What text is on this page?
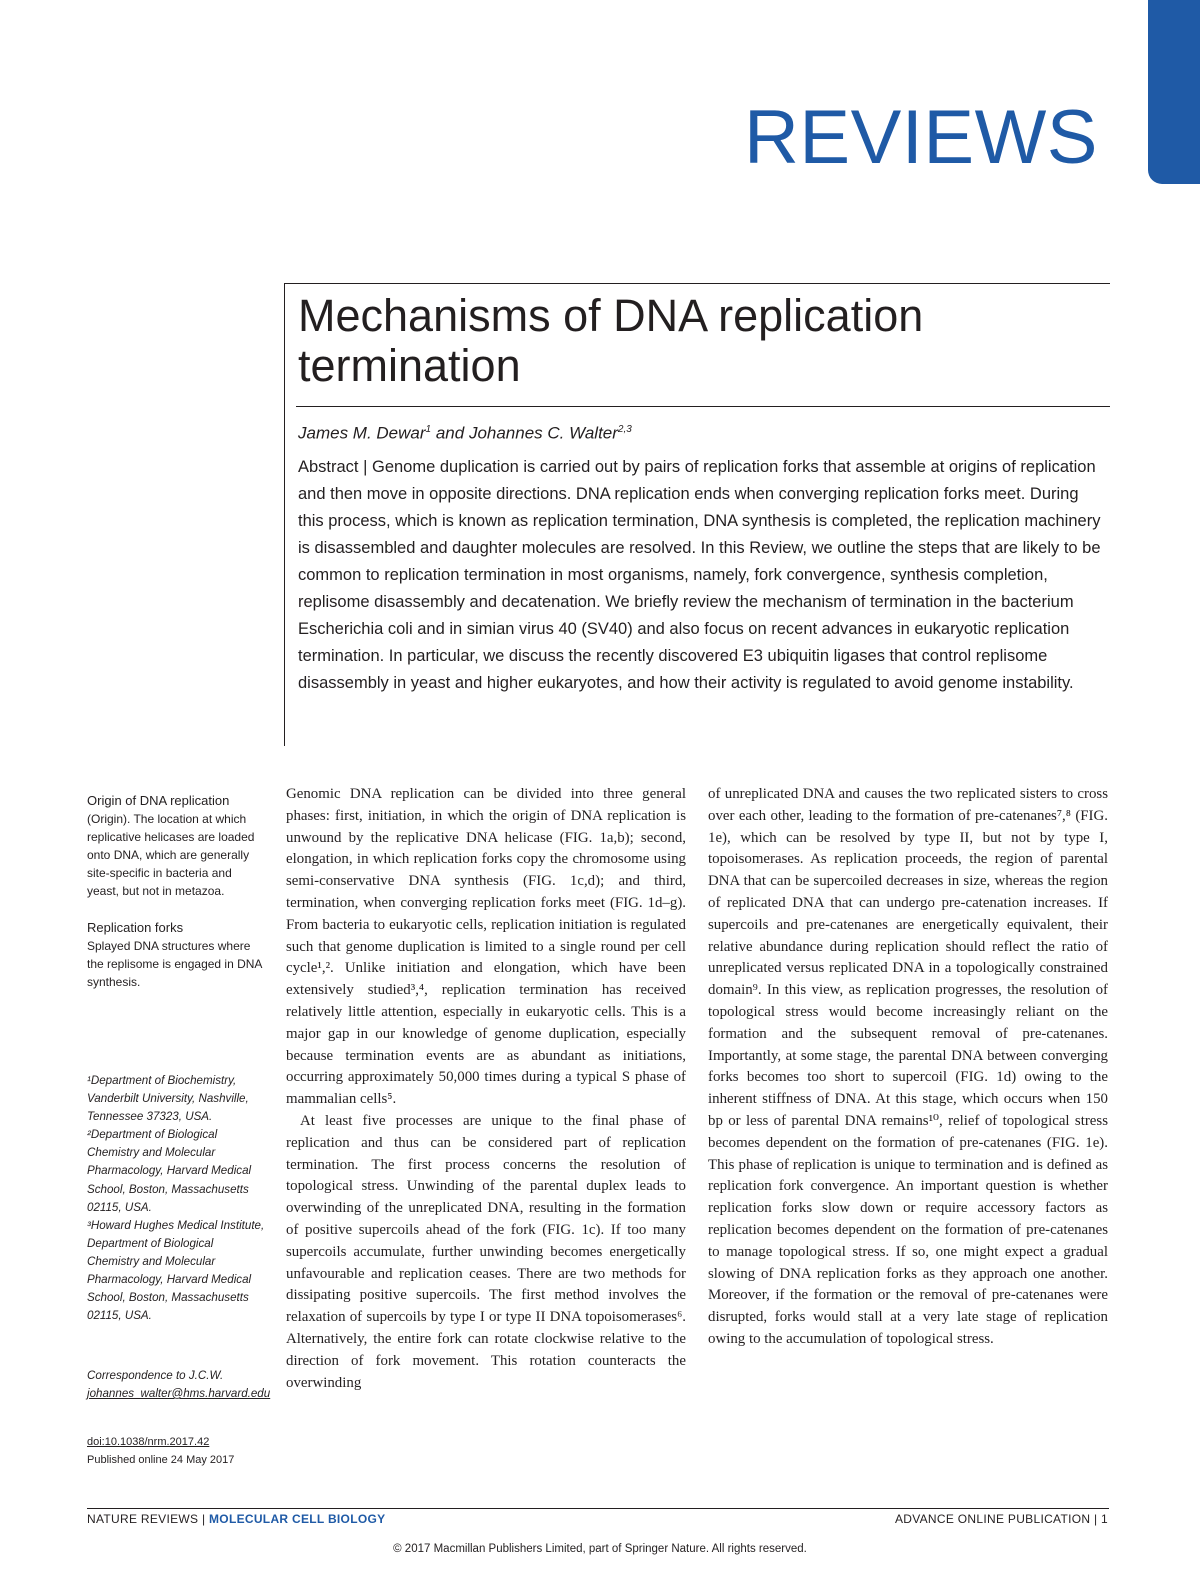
REVIEWS
Mechanisms of DNA replication termination
James M. Dewar$^1$ and Johannes C. Walter$^{2,3}$
Abstract | Genome duplication is carried out by pairs of replication forks that assemble at origins of replication and then move in opposite directions. DNA replication ends when converging replication forks meet. During this process, which is known as replication termination, DNA synthesis is completed, the replication machinery is disassembled and daughter molecules are resolved. In this Review, we outline the steps that are likely to be common to replication termination in most organisms, namely, fork convergence, synthesis completion, replisome disassembly and decatenation. We briefly review the mechanism of termination in the bacterium Escherichia coli and in simian virus 40 (SV40) and also focus on recent advances in eukaryotic replication termination. In particular, we discuss the recently discovered E3 ubiquitin ligases that control replisome disassembly in yeast and higher eukaryotes, and how their activity is regulated to avoid genome instability.
Origin of DNA replication
(Origin). The location at which replicative helicases are loaded onto DNA, which are generally site-specific in bacteria and yeast, but not in metazoa.
Replication forks
Splayed DNA structures where the replisome is engaged in DNA synthesis.
¹Department of Biochemistry, Vanderbilt University, Nashville, Tennessee 37323, USA.
²Department of Biological Chemistry and Molecular Pharmacology, Harvard Medical School, Boston, Massachusetts 02115, USA.
³Howard Hughes Medical Institute, Department of Biological Chemistry and Molecular Pharmacology, Harvard Medical School, Boston, Massachusetts 02115, USA.
Correspondence to J.C.W.
johannes_walter@hms.harvard.edu
doi:10.1038/nrm.2017.42
Published online 24 May 2017

Genomic DNA replication can be divided into three general phases: first, initiation, in which the origin of DNA replication is unwound by the replicative DNA helicase (FIG. 1a,b); second, elongation, in which replication forks copy the chromosome using semi-conservative DNA synthesis (FIG. 1c,d); and third, termination, when converging replication forks meet (FIG. 1d–g). From bacteria to eukaryotic cells, replication initiation is regulated such that genome duplication is limited to a single round per cell cycle¹,². Unlike initiation and elongation, which have been extensively studied³,⁴, replication termination has received relatively little attention, especially in eukaryotic cells. This is a major gap in our knowledge of genome duplication, especially because termination events are as abundant as initiations, occurring approximately 50,000 times during a typical S phase of mammalian cells⁵.

At least five processes are unique to the final phase of replication and thus can be considered part of replication termination. The first process concerns the resolution of topological stress. Unwinding of the parental duplex leads to overwinding of the unreplicated DNA, resulting in the formation of positive supercoils ahead of the fork (FIG. 1c). If too many supercoils accumulate, further unwinding becomes energetically unfavourable and replication ceases. There are two methods for dissipating positive supercoils. The first method involves the relaxation of supercoils by type I or type II DNA topoisomerases⁶. Alternatively, the entire fork can rotate clockwise relative to the direction of fork movement. This rotation counteracts the overwinding

of unreplicated DNA and causes the two replicated sisters to cross over each other, leading to the formation of pre-catenanes⁷,⁸ (FIG. 1e), which can be resolved by type II, but not by type I, topoisomerases. As replication proceeds, the region of parental DNA that can be supercoiled decreases in size, whereas the region of replicated DNA that can undergo pre-catenation increases. If supercoils and pre-catenanes are energetically equivalent, their relative abundance during replication should reflect the ratio of unreplicated versus replicated DNA in a topologically constrained domain⁹. In this view, as replication progresses, the resolution of topological stress would become increasingly reliant on the formation and the subsequent removal of pre-catenanes. Importantly, at some stage, the parental DNA between converging forks becomes too short to supercoil (FIG. 1d) owing to the inherent stiffness of DNA. At this stage, which occurs when 150 bp or less of parental DNA remains¹⁰, relief of topological stress becomes dependent on the formation of pre-catenanes (FIG. 1e). This phase of replication is unique to termination and is defined as replication fork convergence. An important question is whether replication forks slow down or require accessory factors as replication becomes dependent on the formation of pre-catenanes to manage topological stress. If so, one might expect a gradual slowing of DNA replication forks as they approach one another. Moreover, if the formation or the removal of pre-catenanes were disrupted, forks would stall at a very late stage of replication owing to the accumulation of topological stress.

NATURE REVIEWS | MOLECULAR CELL BIOLOGY	ADVANCE ONLINE PUBLICATION | 1
© 2017 Macmillan Publishers Limited, part of Springer Nature. All rights reserved.
